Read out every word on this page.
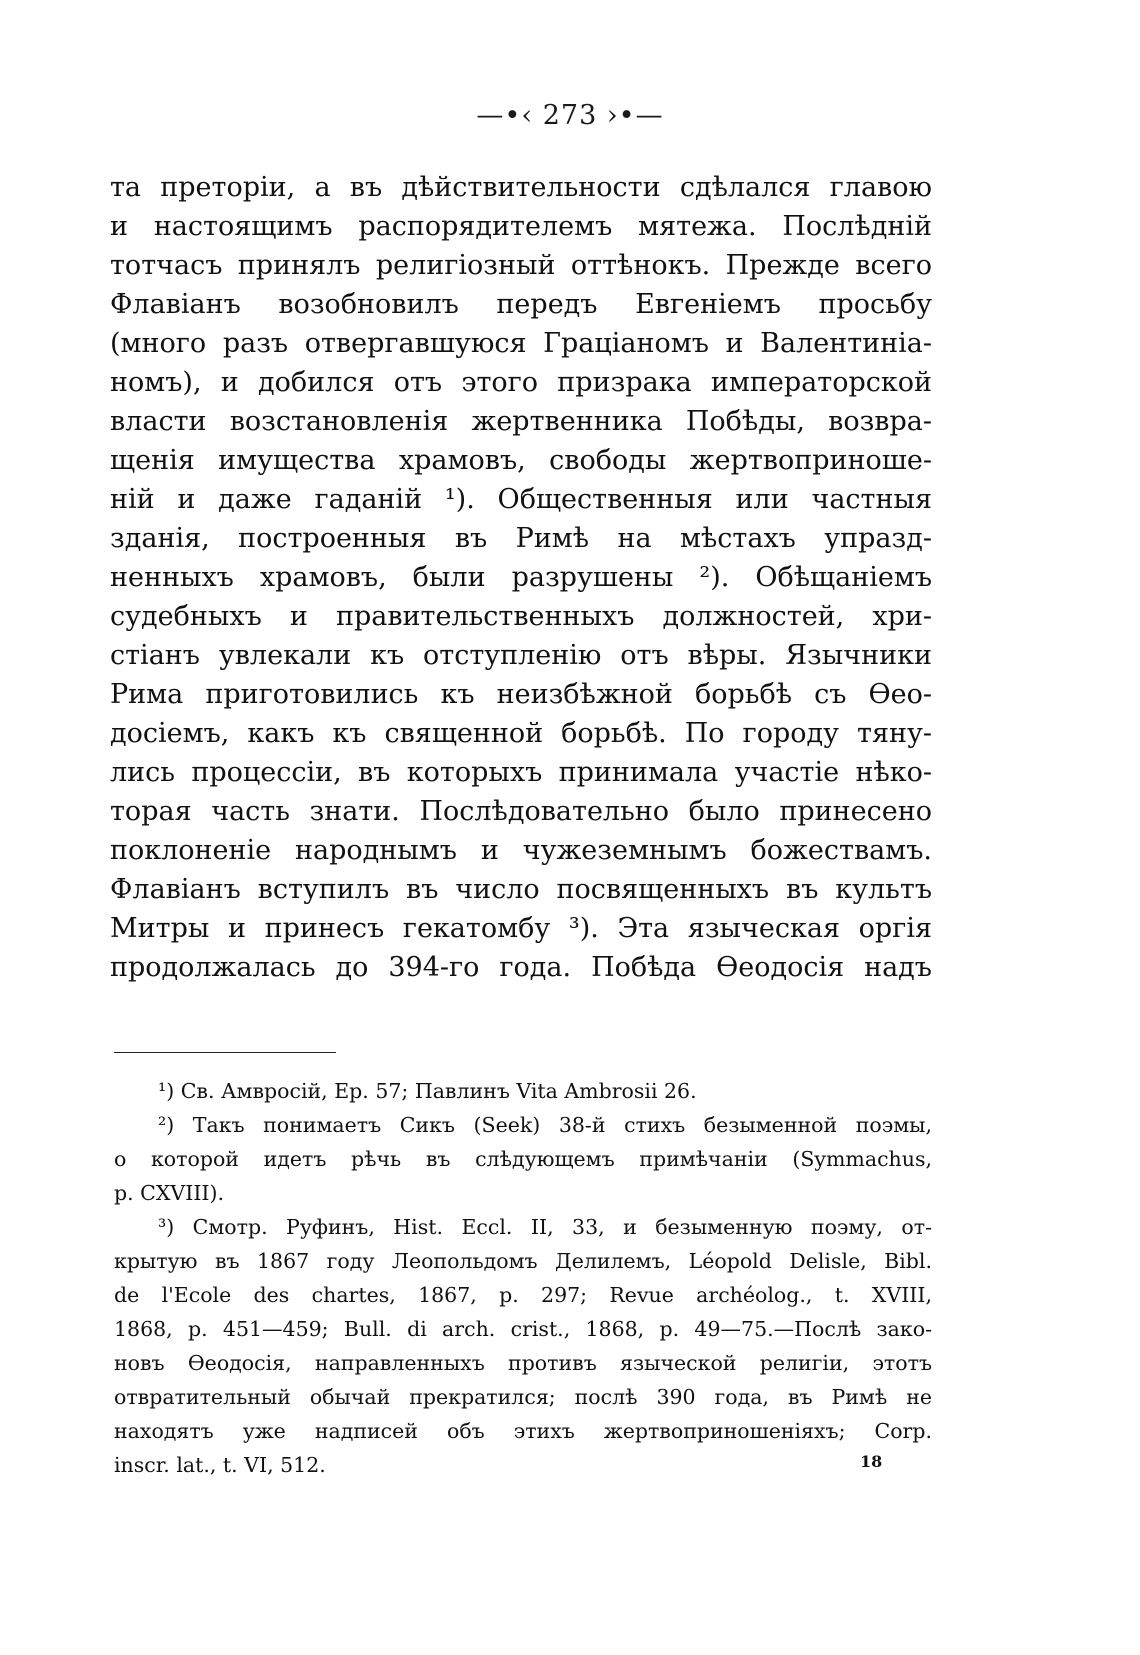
—•‹ 273 ›•—
та преторіи, а въ дѣйствительности сдѣлался главою
и настоящимъ распорядителемъ мятежа. Послѣдній
тотчасъ принялъ религіозный оттѣнокъ. Прежде всего
Флавіанъ возобновилъ передъ Евгеніемъ просьбу
(много разъ отвергавшуюся Граціаномъ и Валентиніа-
номъ), и добился отъ этого призрака императорской
власти возстановленія жертвенника Побѣды, возвра-
щенія имущества храмовъ, свободы жертвоприноше-
ній и даже гаданій ¹). Общественныя или частныя
зданія, построенныя въ Римѣ на мѣстахъ упразд-
ненныхъ храмовъ, были разрушены ²). Обѣщаніемъ
судебныхъ и правительственныхъ должностей, хри-
стіанъ увлекали къ отступленію отъ вѣры. Язычники
Рима приготовились къ неизбѣжной борьбѣ съ Ѳео-
досіемъ, какъ къ священной борьбѣ. По городу тяну-
лись процессіи, въ которыхъ принимала участіе нѣко-
торая часть знати. Послѣдовательно было принесено
поклоненіе народнымъ и чужеземнымъ божествамъ.
Флавіанъ вступилъ въ число посвященныхъ въ культъ
Митры и принесъ гекатомбу ³). Эта языческая оргія
продолжалась до 394-го года. Побѣда Ѳеодосія надъ
¹) Св. Амвросій, Ер. 57; Павлинъ Vita Ambrosii 26.
²) Такъ понимаетъ Сикъ (Seek) 38-й стихъ безыменной поэмы,
о которой идетъ рѣчь въ слѣдующемъ примѣчаніи (Symmachus,
p. CXVIII).
³) Смотр. Руфинъ, Hist. Eccl. II, 33, и безыменную поэму, от-
крытую въ 1867 году Леопольдомъ Делилемъ, Léopold Delisle, Bibl.
de l'Ecole des chartes, 1867, p. 297; Revue archéolog., t. XVIII,
1868, p. 451—459; Bull. di arch. crist., 1868, p. 49—75.—Послѣ зако-
новъ Ѳеодосія, направленныхъ противъ языческой религіи, этотъ
отвратительный обычай прекратился; послѣ 390 года, въ Римѣ не
находятъ уже надписей объ этихъ жертвоприношеніяхъ; Corp.
inscr. lat., t. VI, 512.	18
